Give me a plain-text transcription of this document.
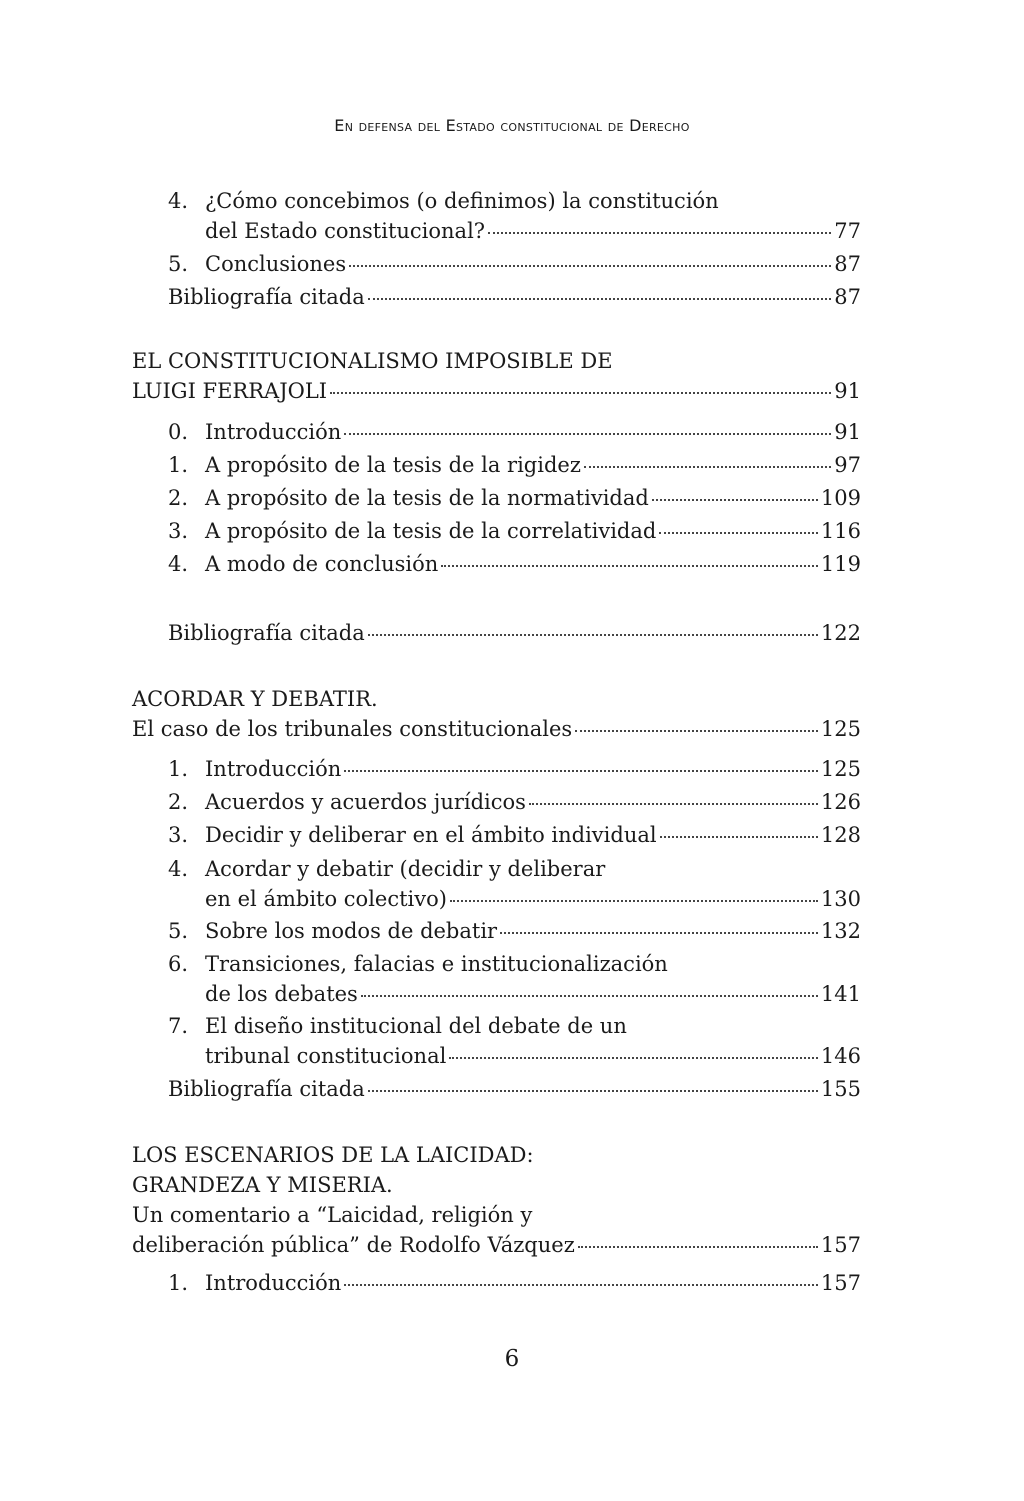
En defensa del Estado constitucional de Derecho
4. ¿Cómo concebimos (o definimos) la constitución
del Estado constitucional?	77
5. Conclusiones	87
Bibliografía citada	87
EL CONSTITUCIONALISMO IMPOSIBLE DE
LUIGI FERRAJOLI	91
0. Introducción	91
1. A propósito de la tesis de la rigidez	97
2. A propósito de la tesis de la normatividad	109
3. A propósito de la tesis de la correlatividad	116
4. A modo de conclusión	119
Bibliografía citada	122
ACORDAR Y DEBATIR.
El caso de los tribunales constitucionales	125
1. Introducción	125
2. Acuerdos y acuerdos jurídicos	126
3. Decidir y deliberar en el ámbito individual	128
4. Acordar y debatir (decidir y deliberar
en el ámbito colectivo)	130
5. Sobre los modos de debatir	132
6. Transiciones, falacias e institucionalización
de los debates	141
7. El diseño institucional del debate de un
tribunal constitucional	146
Bibliografía citada	155
LOS ESCENARIOS DE LA LAICIDAD:
GRANDEZA Y MISERIA.
Un comentario a “Laicidad, religión y
deliberación pública” de Rodolfo Vázquez	157
1. Introducción	157
6
